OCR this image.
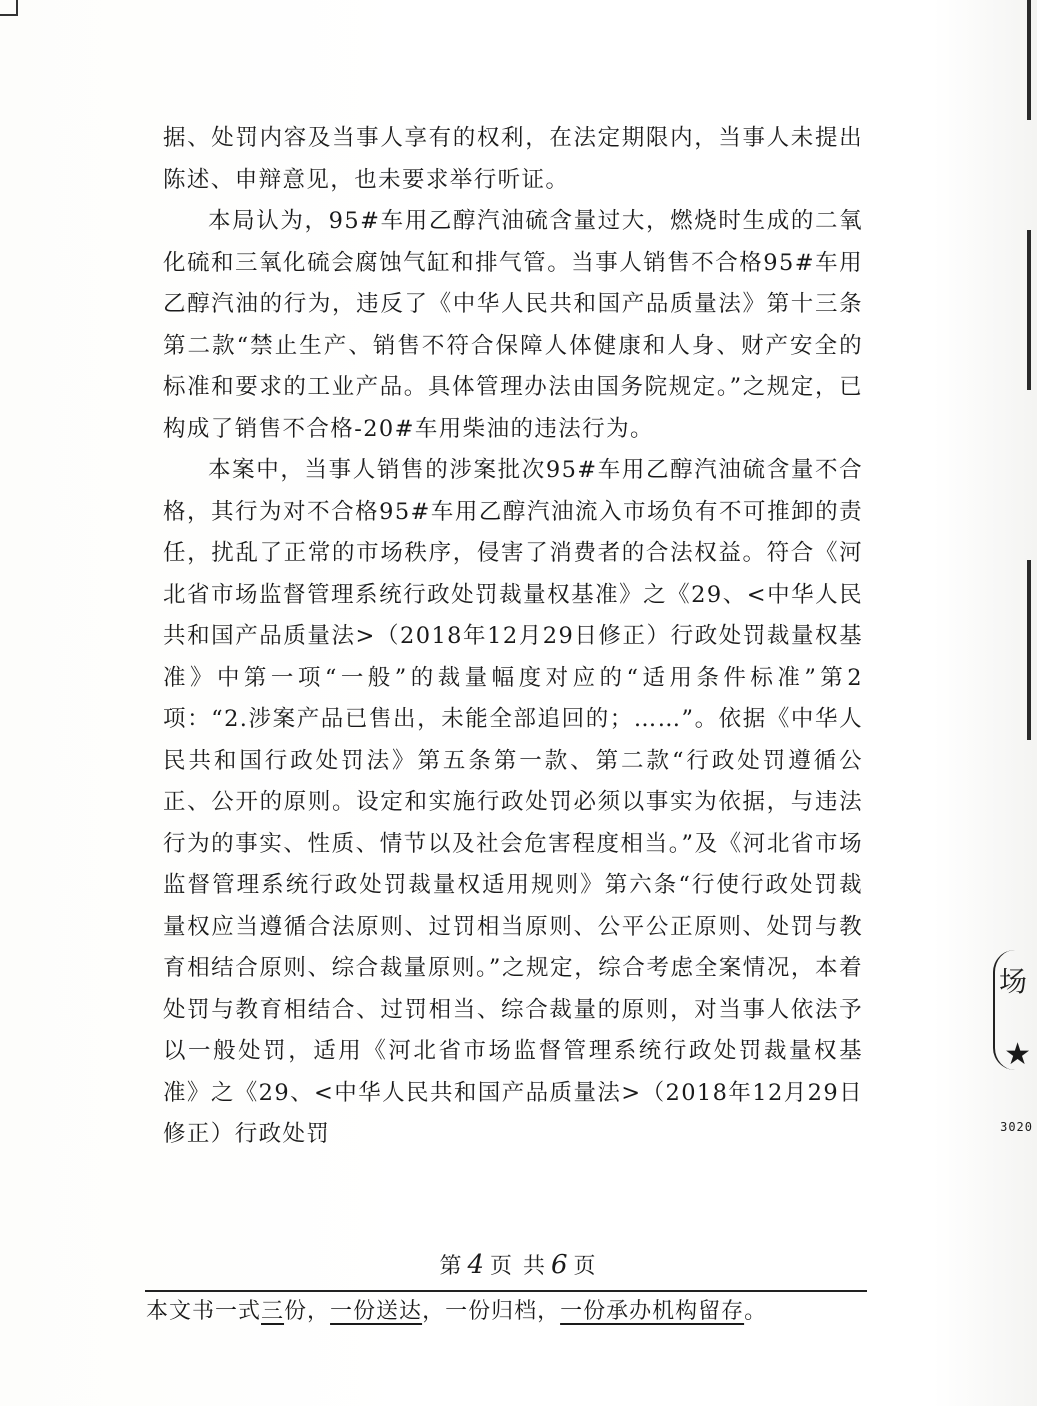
场
★
3020

据、处罚内容及当事人享有的权利，在法定期限内，当事人未提出陈述、申辩意见，也未要求举行听证。

本局认为，95#车用乙醇汽油硫含量过大，燃烧时生成的二氧化硫和三氧化硫会腐蚀气缸和排气管。当事人销售不合格95#车用乙醇汽油的行为，违反了《中华人民共和国产品质量法》第十三条第二款“禁止生产、销售不符合保障人体健康和人身、财产安全的标准和要求的工业产品。具体管理办法由国务院规定。”之规定，已构成了销售不合格-20#车用柴油的违法行为。

本案中，当事人销售的涉案批次95#车用乙醇汽油硫含量不合格，其行为对不合格95#车用乙醇汽油流入市场负有不可推卸的责任，扰乱了正常的市场秩序，侵害了消费者的合法权益。符合《河北省市场监督管理系统行政处罚裁量权基准》之《29、<中华人民共和国产品质量法>（2018年12月29日修正）行政处罚裁量权基准》中第一项“一般”的裁量幅度对应的“适用条件标准”第2项：“2.涉案产品已售出，未能全部追回的；……”。依据《中华人民共和国行政处罚法》第五条第一款、第二款“行政处罚遵循公正、公开的原则。设定和实施行政处罚必须以事实为依据，与违法行为的事实、性质、情节以及社会危害程度相当。”及《河北省市场监督管理系统行政处罚裁量权适用规则》第六条“行使行政处罚裁量权应当遵循合法原则、过罚相当原则、公平公正原则、处罚与教育相结合原则、综合裁量原则。”之规定，综合考虑全案情况，本着处罚与教育相结合、过罚相当、综合裁量的原则，对当事人依法予以一般处罚，适用《河北省市场监督管理系统行政处罚裁量权基准》之《29、<中华人民共和国产品质量法>（2018年12月29日修正）行政处罚

第 4 页 共 6 页
本文书一式三份，一份送达，一份归档，一份承办机构留存。
